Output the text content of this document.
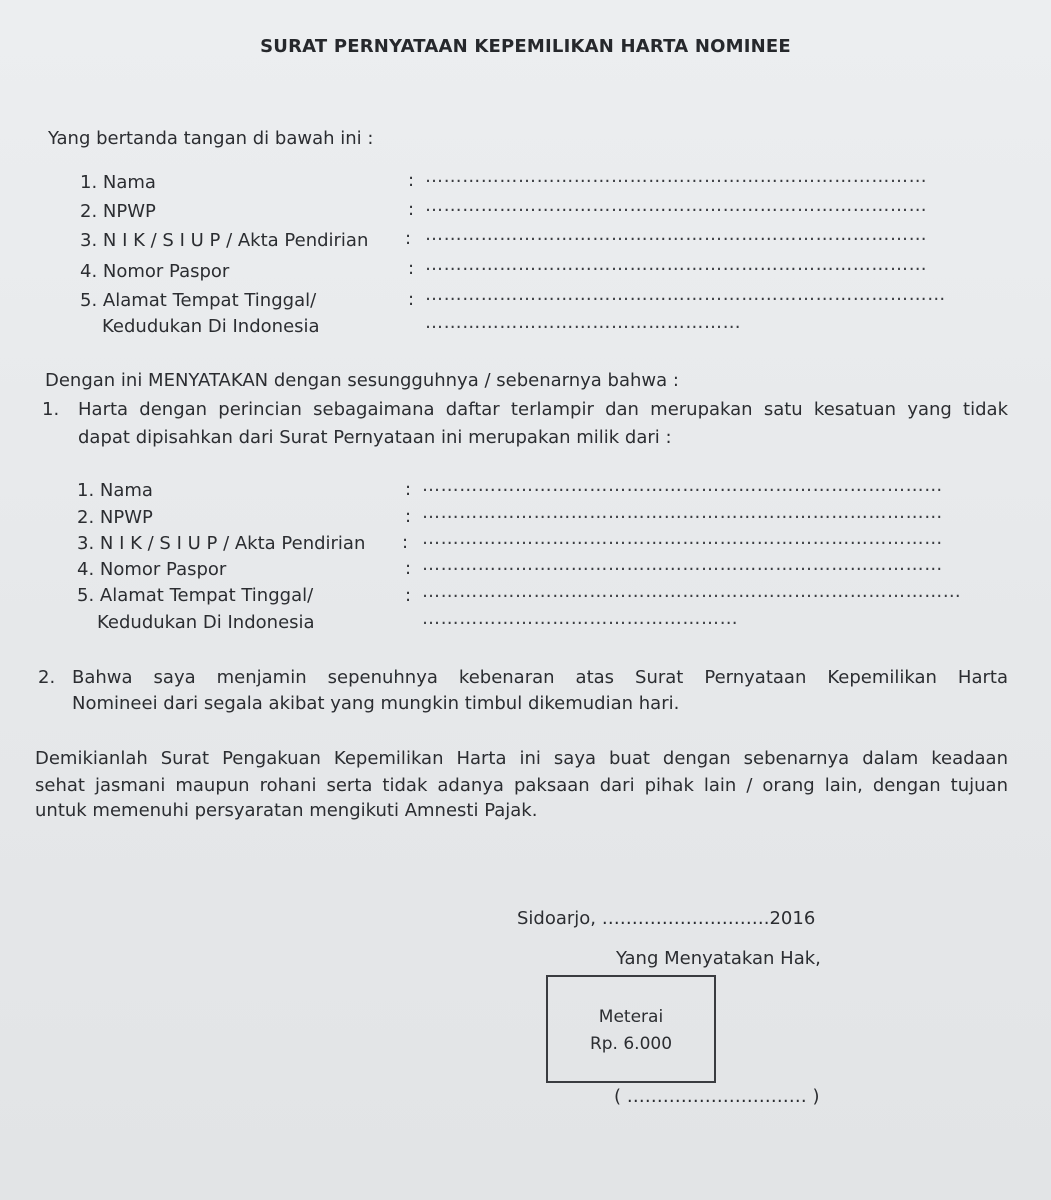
SURAT PERNYATAAN KEPEMILIKAN HARTA NOMINEE
Yang bertanda tangan di bawah ini :
1. Nama	: ………………………………………………………………………
2. NPWP	: ………………………………………………………………………
3. N I K / S I U P / Akta Pendirian : ………………………………………………………………………
4. Nomor Paspor	: ………………………………………………………………………
5. Alamat Tempat Tinggal/	: …………………………………………………………………………
Kedudukan Di Indonesia	……………………………………………
Dengan ini MENYATAKAN dengan sesungguhnya / sebenarnya bahwa :
1. Harta dengan perincian sebagaimana daftar terlampir dan merupakan satu kesatuan yang tidak
dapat dipisahkan dari Surat Pernyataan ini merupakan milik dari :
1. Nama	: …………………………………………………………………………
2. NPWP	: …………………………………………………………………………
3. N I K / S I U P / Akta Pendirian : …………………………………………………………………………
4. Nomor Paspor	: …………………………………………………………………………
5. Alamat Tempat Tinggal/	: ……………………………………………………………………………
Kedudukan Di Indonesia	……………………………………………
2. Bahwa saya menjamin sepenuhnya kebenaran atas Surat Pernyataan Kepemilikan Harta
Nomineei dari segala akibat yang mungkin timbul dikemudian hari.
Demikianlah Surat Pengakuan Kepemilikan Harta ini saya buat dengan sebenarnya dalam keadaan
sehat jasmani maupun rohani serta tidak adanya paksaan dari pihak lain / orang lain, dengan tujuan
untuk memenuhi persyaratan mengikuti Amnesti Pajak.
Sidoarjo, ……………………….2016
Yang Menyatakan Hak,
Meterai
Rp. 6.000
( ………………………… )
